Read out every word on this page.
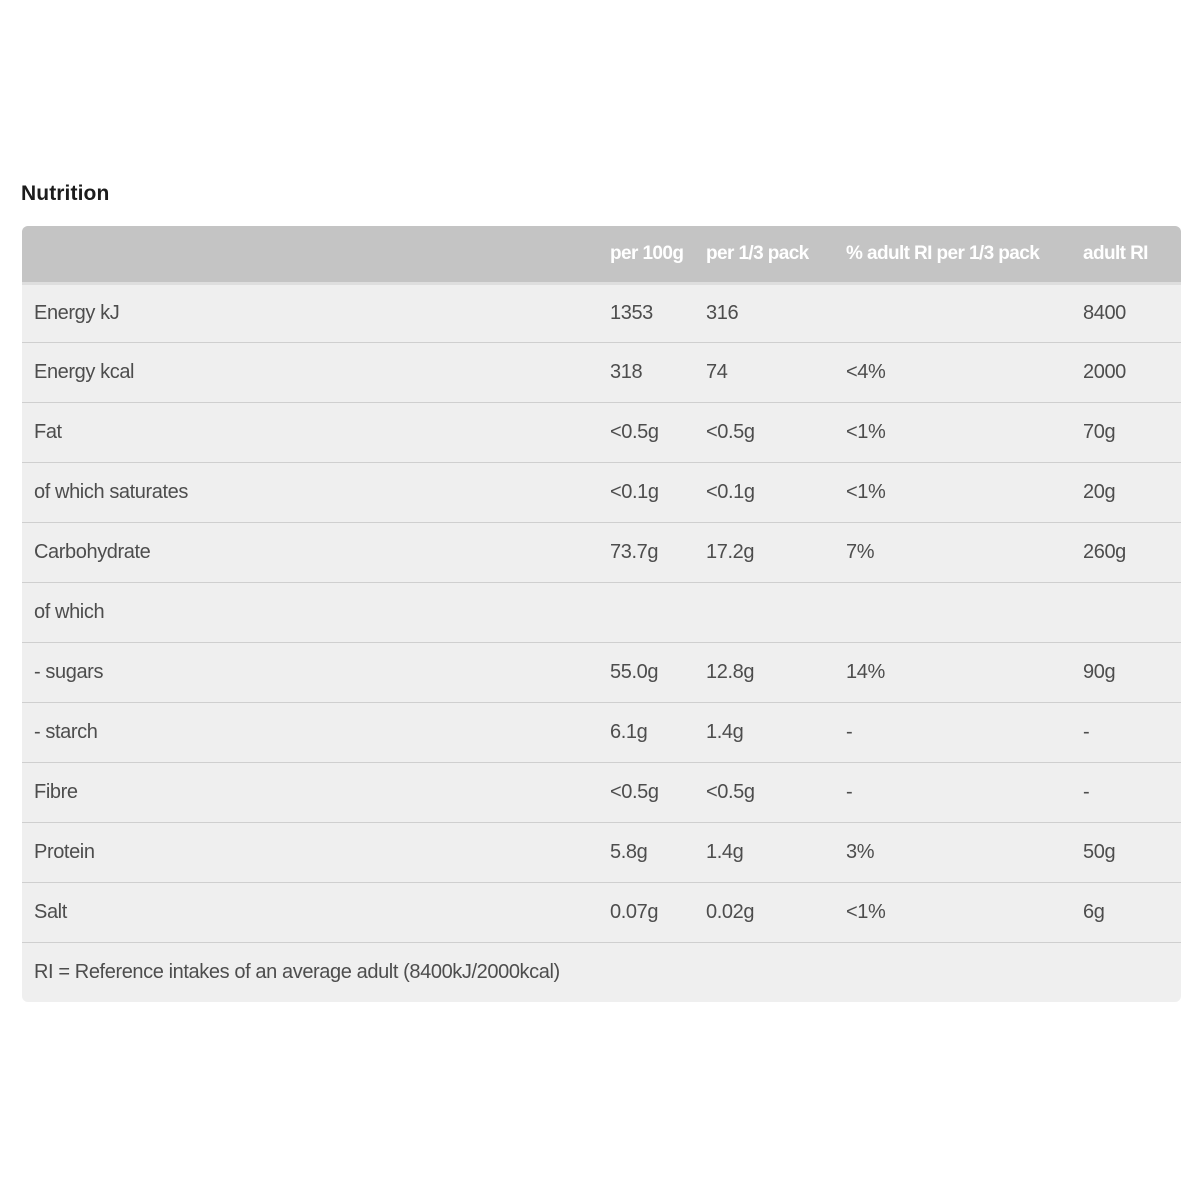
Nutrition
	per 100g	per 1/3 pack	% adult RI per 1/3 pack	adult RI
Energy kJ	1353	316		8400
Energy kcal	318	74	<4%	2000
Fat	<0.5g	<0.5g	<1%	70g
of which saturates	<0.1g	<0.1g	<1%	20g
Carbohydrate	73.7g	17.2g	7%	260g
of which				
- sugars	55.0g	12.8g	14%	90g
- starch	6.1g	1.4g	-	-
Fibre	<0.5g	<0.5g	-	-
Protein	5.8g	1.4g	3%	50g
Salt	0.07g	0.02g	<1%	6g
RI = Reference intakes of an average adult (8400kJ/2000kcal)				
